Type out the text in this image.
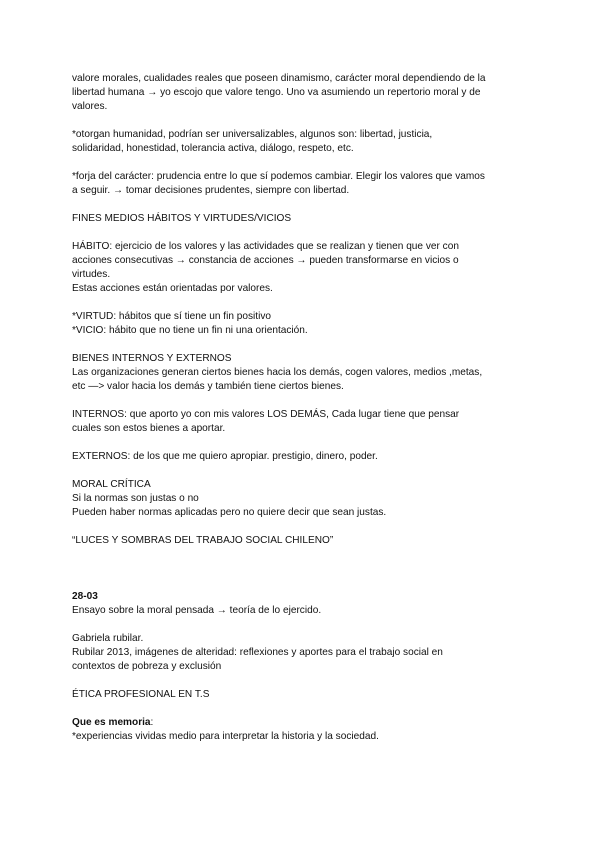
valore morales, cualidades reales que poseen dinamismo, carácter moral dependiendo de la
libertad humana → yo escojo que valore tengo. Uno va asumiendo un repertorio moral y de
valores.
*otorgan humanidad, podrían ser universalizables, algunos son: libertad, justicia,
solidaridad, honestidad, tolerancia activa, diálogo, respeto, etc.
*forja del carácter: prudencia entre lo que sí podemos cambiar. Elegir los valores que vamos
a seguir. → tomar decisiones prudentes, siempre con libertad.
FINES MEDIOS HÁBITOS Y VIRTUDES/VICIOS
HÁBITO: ejercicio de los valores y las actividades que se realizan y tienen que ver con
acciones consecutivas → constancia de acciones → pueden transformarse en vicios o
virtudes.
Estas acciones están orientadas por valores.
*VIRTUD: hábitos que sí tiene un fin positivo
*VICIO: hábito que no tiene un fin ni una orientación.
BIENES INTERNOS Y EXTERNOS
Las organizaciones generan ciertos bienes hacia los demás, cogen valores, medios ,metas,
etc —> valor hacia los demás y también tiene ciertos bienes.
INTERNOS: que aporto yo con mis valores LOS DEMÁS, Cada lugar tiene que pensar
cuales son estos bienes a aportar.
EXTERNOS: de los que me quiero apropiar. prestigio, dinero, poder.
MORAL CRÍTICA
Si la normas son justas o no
Pueden haber normas aplicadas pero no quiere decir que sean justas.
“LUCES Y SOMBRAS DEL TRABAJO SOCIAL CHILENO”
28-03
Ensayo sobre la moral pensada → teoría de lo ejercido.
Gabriela rubilar.
Rubilar 2013, imágenes de alteridad: reflexiones y aportes para el trabajo social en
contextos de pobreza y exclusión
ÉTICA PROFESIONAL EN T.S
Que es memoria:
*experiencias vividas medio para interpretar la historia y la sociedad.
